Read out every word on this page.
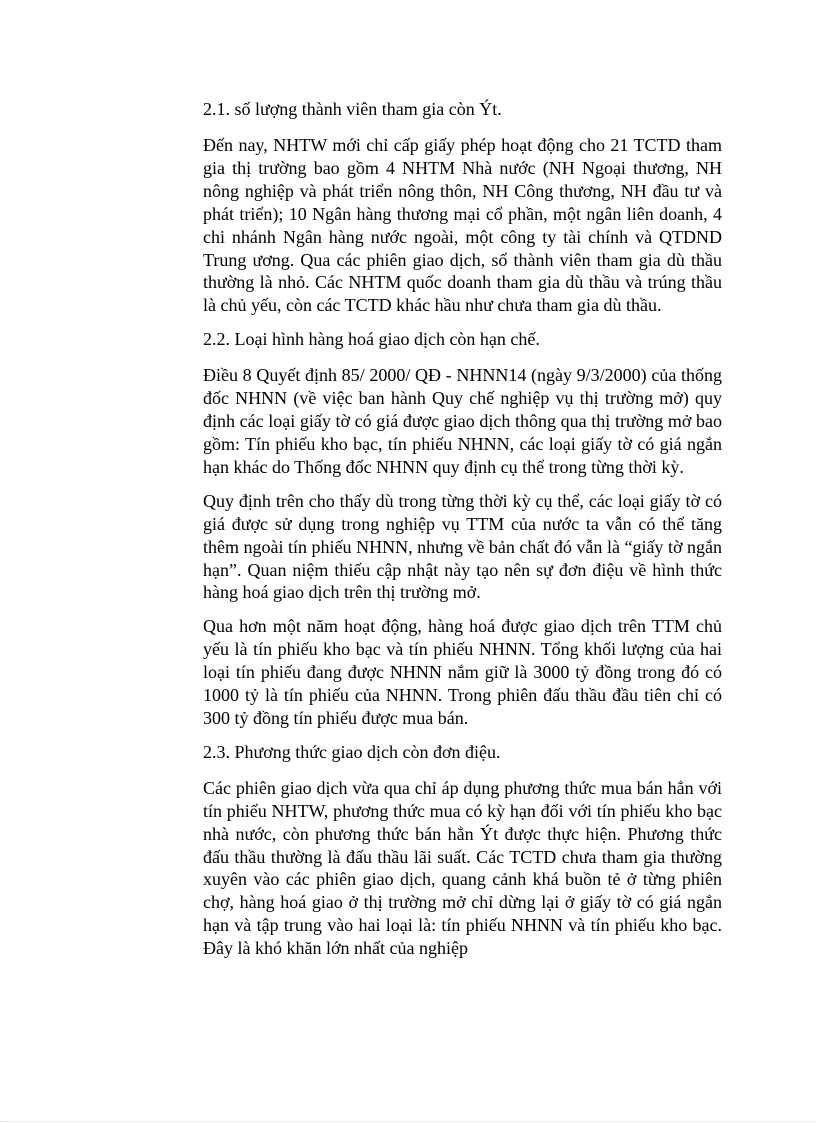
2.1. số lượng thành viên tham gia còn Ýt.
Đến nay, NHTW mới chỉ cấp giấy phép hoạt động cho 21 TCTD tham gia thị trường bao gồm 4 NHTM Nhà nước (NH Ngoại thương, NH nông nghiệp và phát triển nông thôn, NH Công thương, NH đầu tư và phát triển); 10 Ngân hàng thương mại cổ phần, một ngân liên doanh, 4 chi nhánh Ngân hàng nước ngoài, một công ty tài chính và QTDND Trung ương. Qua các phiên giao dịch, số thành viên tham gia dù thầu thường là nhỏ. Các NHTM quốc doanh tham gia dù thầu và trúng thầu là chủ yếu, còn các TCTD khác hầu như chưa tham gia dù thầu.
2.2. Loại hình hàng hoá giao dịch còn hạn chế.
Điều 8 Quyết định 85/ 2000/ QĐ - NHNN14 (ngày 9/3/2000) của thống đốc NHNN (về việc ban hành Quy chế nghiệp vụ thị trường mở) quy định các loại giấy tờ có giá được giao dịch thông qua thị trường mở bao gồm: Tín phiếu kho bạc, tín phiếu NHNN, các loại giấy tờ có giá ngắn hạn khác do Thống đốc NHNN quy định cụ thể trong từng thời kỳ.
Quy định trên cho thấy dù trong từng thời kỳ cụ thể, các loại giấy tờ có giá được sử dụng trong nghiệp vụ TTM của nước ta vẫn có thể tăng thêm ngoài tín phiếu NHNN, nhưng về bản chất đó vẫn là “giấy tờ ngắn hạn”. Quan niệm thiếu cập nhật này tạo nên sự đơn điệu về hình thức hàng hoá giao dịch trên thị trường mở.
Qua hơn một năm hoạt động, hàng hoá được giao dịch trên TTM chủ yếu là tín phiếu kho bạc và tín phiếu NHNN. Tổng khối lượng của hai loại tín phiếu đang được NHNN nắm giữ là 3000 tỷ đồng trong đó có 1000 tỷ là tín phiếu của NHNN. Trong phiên đấu thầu đầu tiên chỉ có 300 tỷ đồng tín phiếu được mua bán.
2.3. Phương thức giao dịch còn đơn điệu.
Các phiên giao dịch vừa qua chỉ áp dụng phương thức mua bán hẳn với tín phiếu NHTW, phương thức mua có kỳ hạn đối với tín phiếu kho bạc nhà nước, còn phương thức bán hẳn Ýt được thực hiện. Phương thức đấu thầu thường là đấu thầu lãi suất. Các TCTD chưa tham gia thường xuyên vào các phiên giao dịch, quang cảnh khá buồn tẻ ở từng phiên chợ, hàng hoá giao ở thị trường mở chỉ dừng lại ở giấy tờ có giá ngắn hạn và tập trung vào hai loại là: tín phiếu NHNN và tín phiếu kho bạc. Đây là khó khăn lớn nhất của nghiệp
